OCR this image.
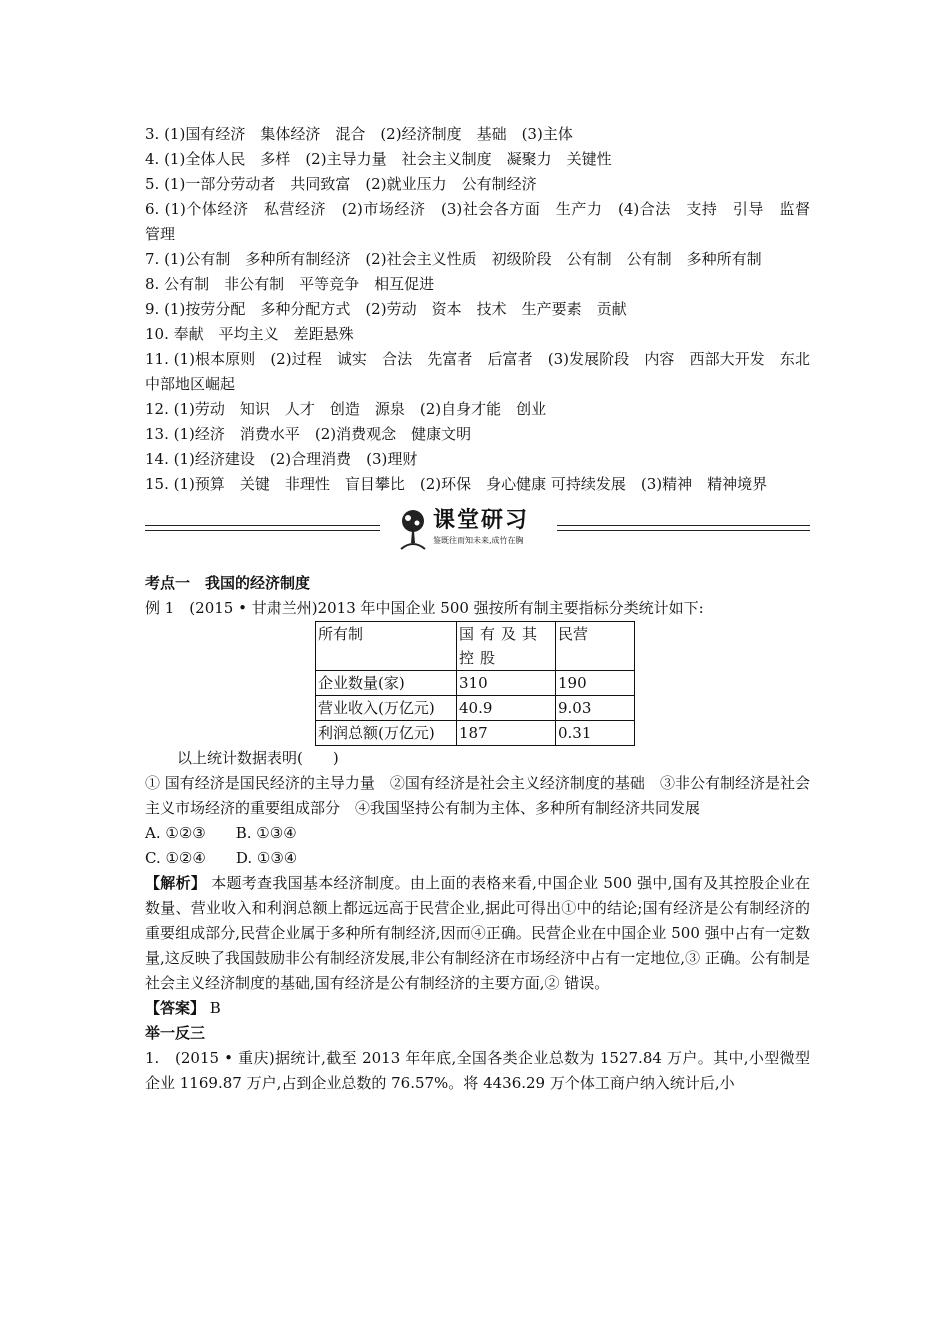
3. (1)国有经济　集体经济　混合　(2)经济制度　基础　(3)主体
4. (1)全体人民　多样　(2)主导力量　社会主义制度　凝聚力　关键性
5. (1)一部分劳动者　共同致富　(2)就业压力　公有制经济
6. (1)个体经济　私营经济　(2)市场经济　(3)社会各方面　生产力　(4)合法　支持　引导　监督　管理
7. (1)公有制　多种所有制经济　(2)社会主义性质　初级阶段　公有制　公有制　多种所有制
8. 公有制　非公有制　平等竞争　相互促进
9. (1)按劳分配　多种分配方式　(2)劳动　资本　技术　生产要素　贡献
10. 奉献　平均主义　差距悬殊
11. (1)根本原则　(2)过程　诚实　合法　先富者　后富者　(3)发展阶段　内容　西部大开发　东北　中部地区崛起
12. (1)劳动　知识　人才　创造　源泉　(2)自身才能　创业
13. (1)经济　消费水平　(2)消费观念　健康文明
14. (1)经济建设　(2)合理消费　(3)理财
15. (1)预算　关键　非理性　盲目攀比　(2)环保　身心健康 可持续发展　(3)精神　精神境界
课堂研习
鉴既往而知未来,成竹在胸
考点一　我国的经济制度
例 1　(2015 • 甘肃兰州)2013 年中国企业 500 强按所有制主要指标分类统计如下:
所有制	国有及其控股	民营
企业数量(家)	310	190
营业收入(万亿元)	40.9	9.03
利润总额(万亿元)	187	0.31
以上统计数据表明(　　)
① 国有经济是国民经济的主导力量　②国有经济是社会主义经济制度的基础　③非公有制经济是社会主义市场经济的重要组成部分　④我国坚持公有制为主体、多种所有制经济共同发展
A. ①②③　　 B. ①③④
C. ①②④　　 D. ①③④
【解析】 本题考查我国基本经济制度。由上面的表格来看,中国企业 500 强中,国有及其控股企业在数量、营业收入和利润总额上都远远高于民营企业,据此可得出①中的结论;国有经济是公有制经济的重要组成部分,民营企业属于多种所有制经济,因而④正确。民营企业在中国企业 500 强中占有一定数量,这反映了我国鼓励非公有制经济发展,非公有制经济在市场经济中占有一定地位,③ 正确。公有制是社会主义经济制度的基础,国有经济是公有制经济的主要方面,② 错误。
【答案】 B
举一反三
1.　(2015 • 重庆)据统计,截至 2013 年年底,全国各类企业总数为 1527.84 万户。其中,小型微型企业 1169.87 万户,占到企业总数的 76.57%。将 4436.29 万个体工商户纳入统计后,小
